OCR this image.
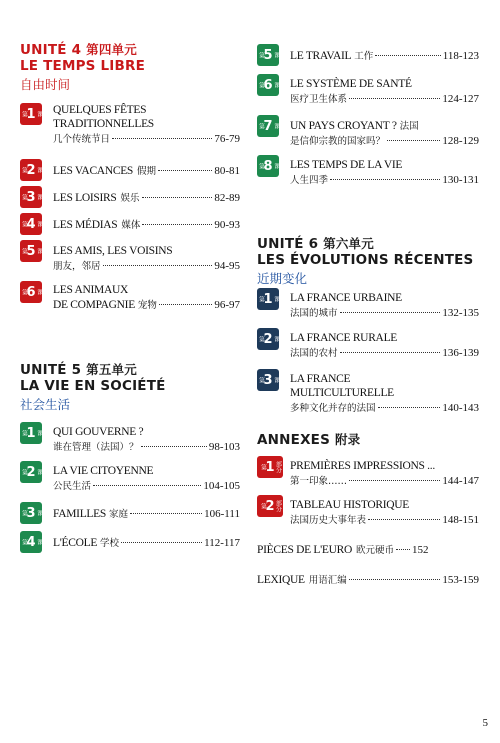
UNITÉ 4 第四单元
LE TEMPS LIBRE
自由时间
第 1 课 QUELQUES FÊTES
TRADITIONNELLES
几个传统节日	76-79
第 2 课 LES VACANCES 假期	80-81
第 3 课 LES LOISIRS 娱乐	82-89
第 4 课 LES MÉDIAS 媒体	90-93
第 5 课 LES AMIS, LES VOISINS
朋友，邻居	94-95
第 6 课 LES ANIMAUX
DE COMPAGNIE 宠物	96-97
UNITÉ 5 第五单元
LA VIE EN SOCIÉTÉ
社会生活
第 1 课 QUI GOUVERNE ?
谁在管理（法国）？	98-103
第 2 课 LA VIE CITOYENNE
公民生活	104-105
第 3 课 FAMILLES 家庭	106-111
第 4 课 L'ÉCOLE 学校	112-117
第 5 课 LE TRAVAIL 工作	118-123
第 6 课 LE SYSTÈME DE SANTÉ
医疗卫生体系	124-127
第 7 课 UN PAYS CROYANT ? 法国
是信仰宗教的国家吗？	128-129
第 8 课 LES TEMPS DE LA VIE
人生四季	130-131
UNITÉ 6 第六单元
LES ÉVOLUTIONS RÉCENTES
近期变化
第 1 课 LA FRANCE URBAINE
法国的城市	132-135
第 2 课 LA FRANCE RURALE
法国的农村	136-139
第 3 课 LA FRANCE
MULTICULTURELLE
多种文化并存的法国	140-143
ANNEXES 附录
第 1 部分 PREMIÈRES IMPRESSIONS ...
第一印象……	144-147
第 2 部分 TABLEAU HISTORIQUE
法国历史大事年表	148-151
PIÈCES DE L'EURO 欧元硬币 152
LEXIQUE 用语汇编	153-159
5
